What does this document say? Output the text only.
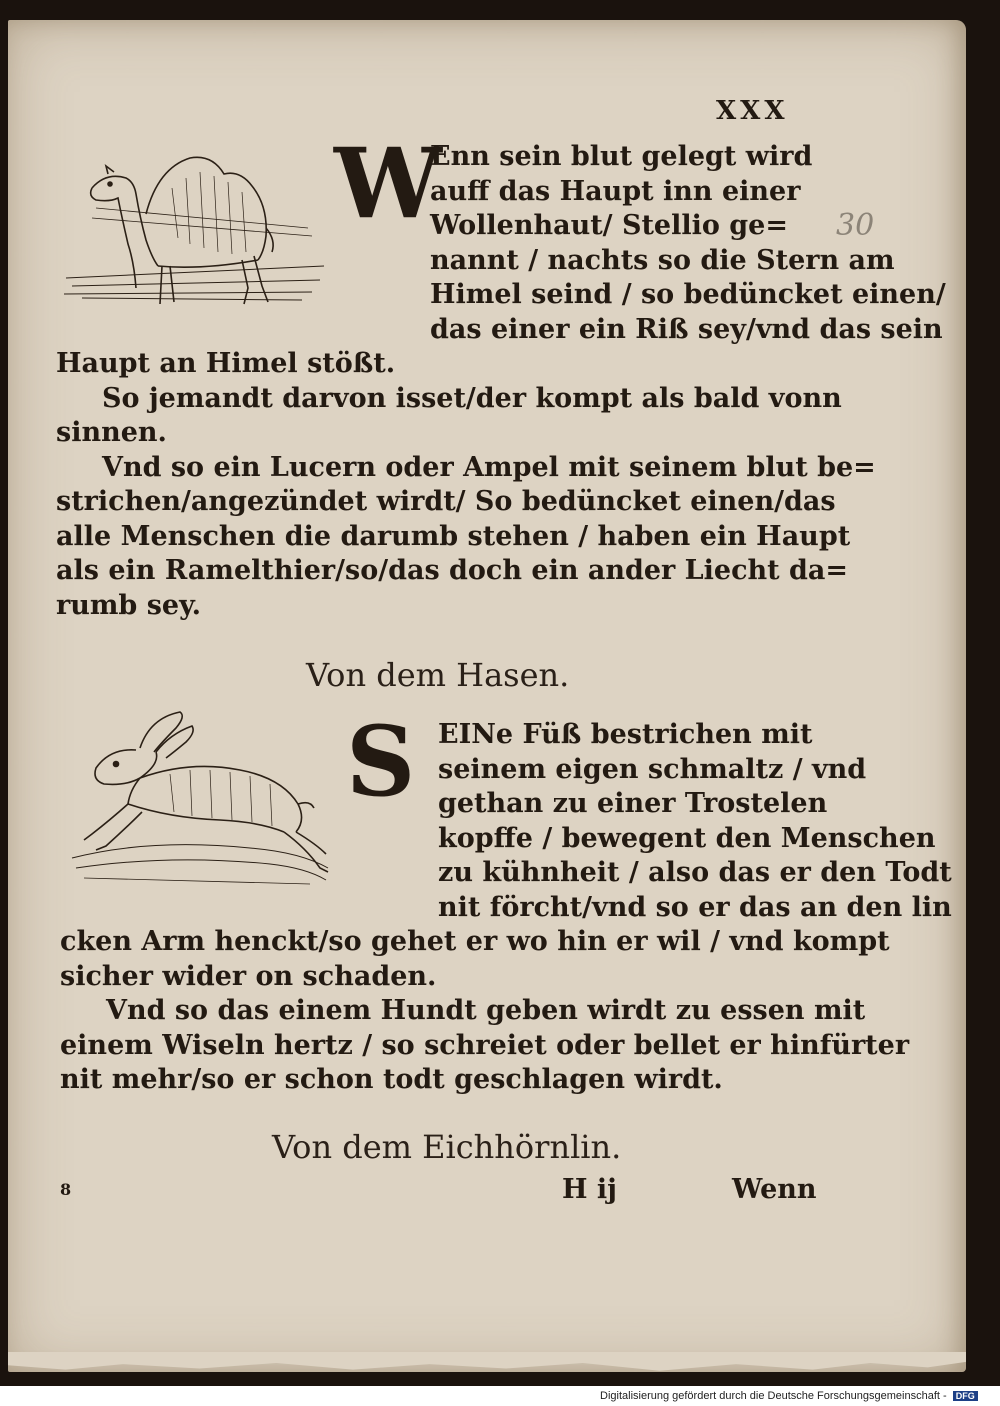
XXX
30
W
Enn sein blut gelegt wird
auff das Haupt inn einer
Wollenhaut/ Stellio ge=
nannt / nachts so die Stern am
Himel seind / so bedüncket einen/
das einer ein Riß sey/vnd das sein
Haupt an Himel stößt.
So jemandt darvon isset/der kompt als bald vonn
sinnen.
Vnd so ein Lucern oder Ampel mit seinem blut be=
strichen/angezündet wirdt/ So bedüncket einen/das
alle Menschen die darumb stehen / haben ein Haupt
als ein Ramelthier/so/das doch ein ander Liecht da=
rumb sey.
Von dem Hasen.
S EINe Füß bestrichen mit
seinem eigen schmaltz / vnd
gethan zu einer Trostelen
kopffe / bewegent den Menschen
zu kühnheit / also das er den Todt
nit förcht/vnd so er das an den lin
cken Arm henckt/so gehet er wo hin er wil / vnd kompt
sicher wider on schaden.
Vnd so das einem Hundt geben wirdt zu essen mit
einem Wiseln hertz / so schreiet oder bellet er hinfürter
nit mehr/so er schon todt geschlagen wirdt.
Von dem Eichhörnlin.
8	H ij	Wenn
Digitalisierung gefördert durch die Deutsche Forschungsgemeinschaft - DFG
